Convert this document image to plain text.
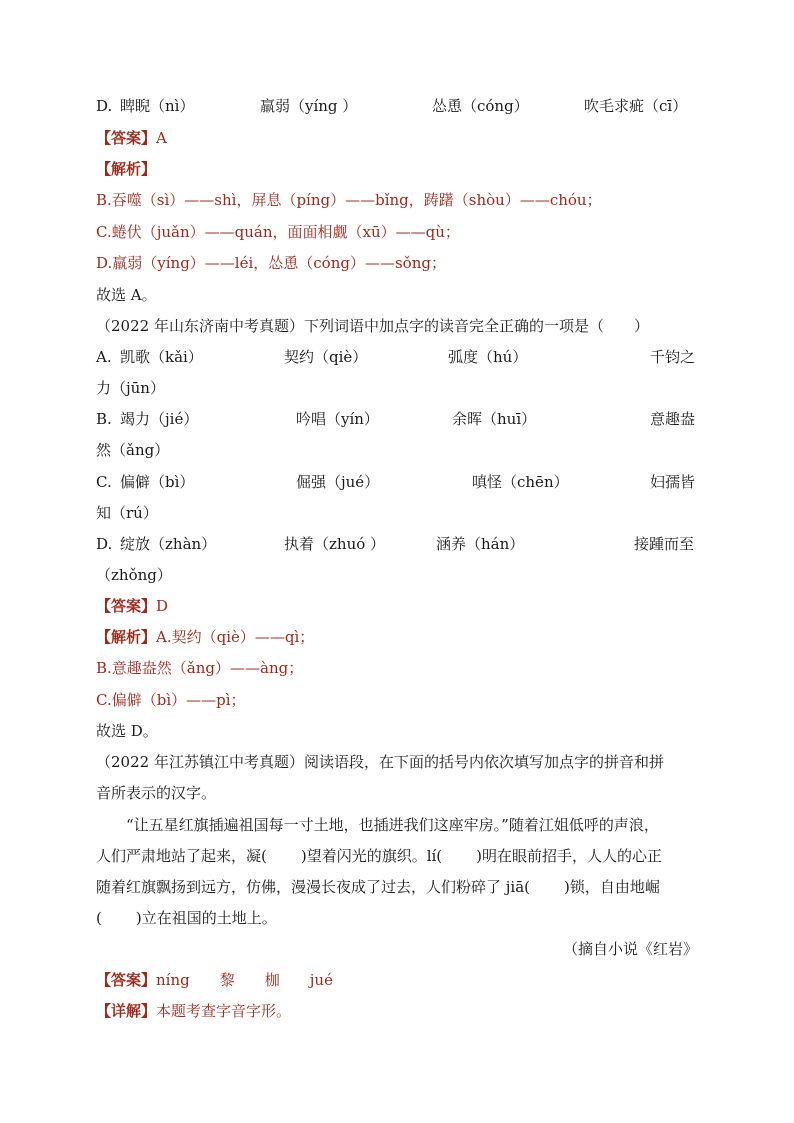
D. 睥睨（nì）	羸弱（yíng ）	怂恿（cóng）	吹毛求疵（cī）
【答案】A
【解析】
B.吞噬（sì）——shì，屏息（píng）——bǐng，踌躇（shòu）——chóu；
C.蜷伏（juǎn）——quán，面面相觑（xū）——qù；
D.羸弱（yíng）——léi，怂恿（cóng）——sǒng；
故选 A。
（2022 年山东济南中考真题）下列词语中加点字的读音完全正确的一项是（　　）
A. 凯歌（kǎi）	契约（qiè）	弧度（hú）	千钧之
力（jūn）
B. 竭力（jié）	吟唱（yín）	余晖（huī）	意趣盎
然（ǎng）
C. 偏僻（bì）	倔强（jué）	嗔怪（chēn）	妇孺皆
知（rú）
D. 绽放（zhàn）	执着（zhuó ）	涵养（hán）	接踵而至
（zhǒng）
【答案】D
【解析】A.契约（qiè）——qì；
B.意趣盎然（ǎng）——àng；
C.偏僻（bì）——pì；
故选 D。
（2022 年江苏镇江中考真题）阅读语段，在下面的括号内依次填写加点字的拼音和拼
音所表示的汉字。
“让五星红旗插遍祖国每一寸土地，也插进我们这座牢房。”随着江姐低呼的声浪，
人们严肃地站了起来，凝( )望着闪光的旗织。lí( )明在眼前招手，人人的心正
随着红旗飘扬到远方，仿佛，漫漫长夜成了过去，人们粉碎了 jiā( )锁，自由地崛
( )立在祖国的土地上。
（摘自小说《红岩》
【答案】níng 黎 枷 jué
【详解】本题考查字音字形。
